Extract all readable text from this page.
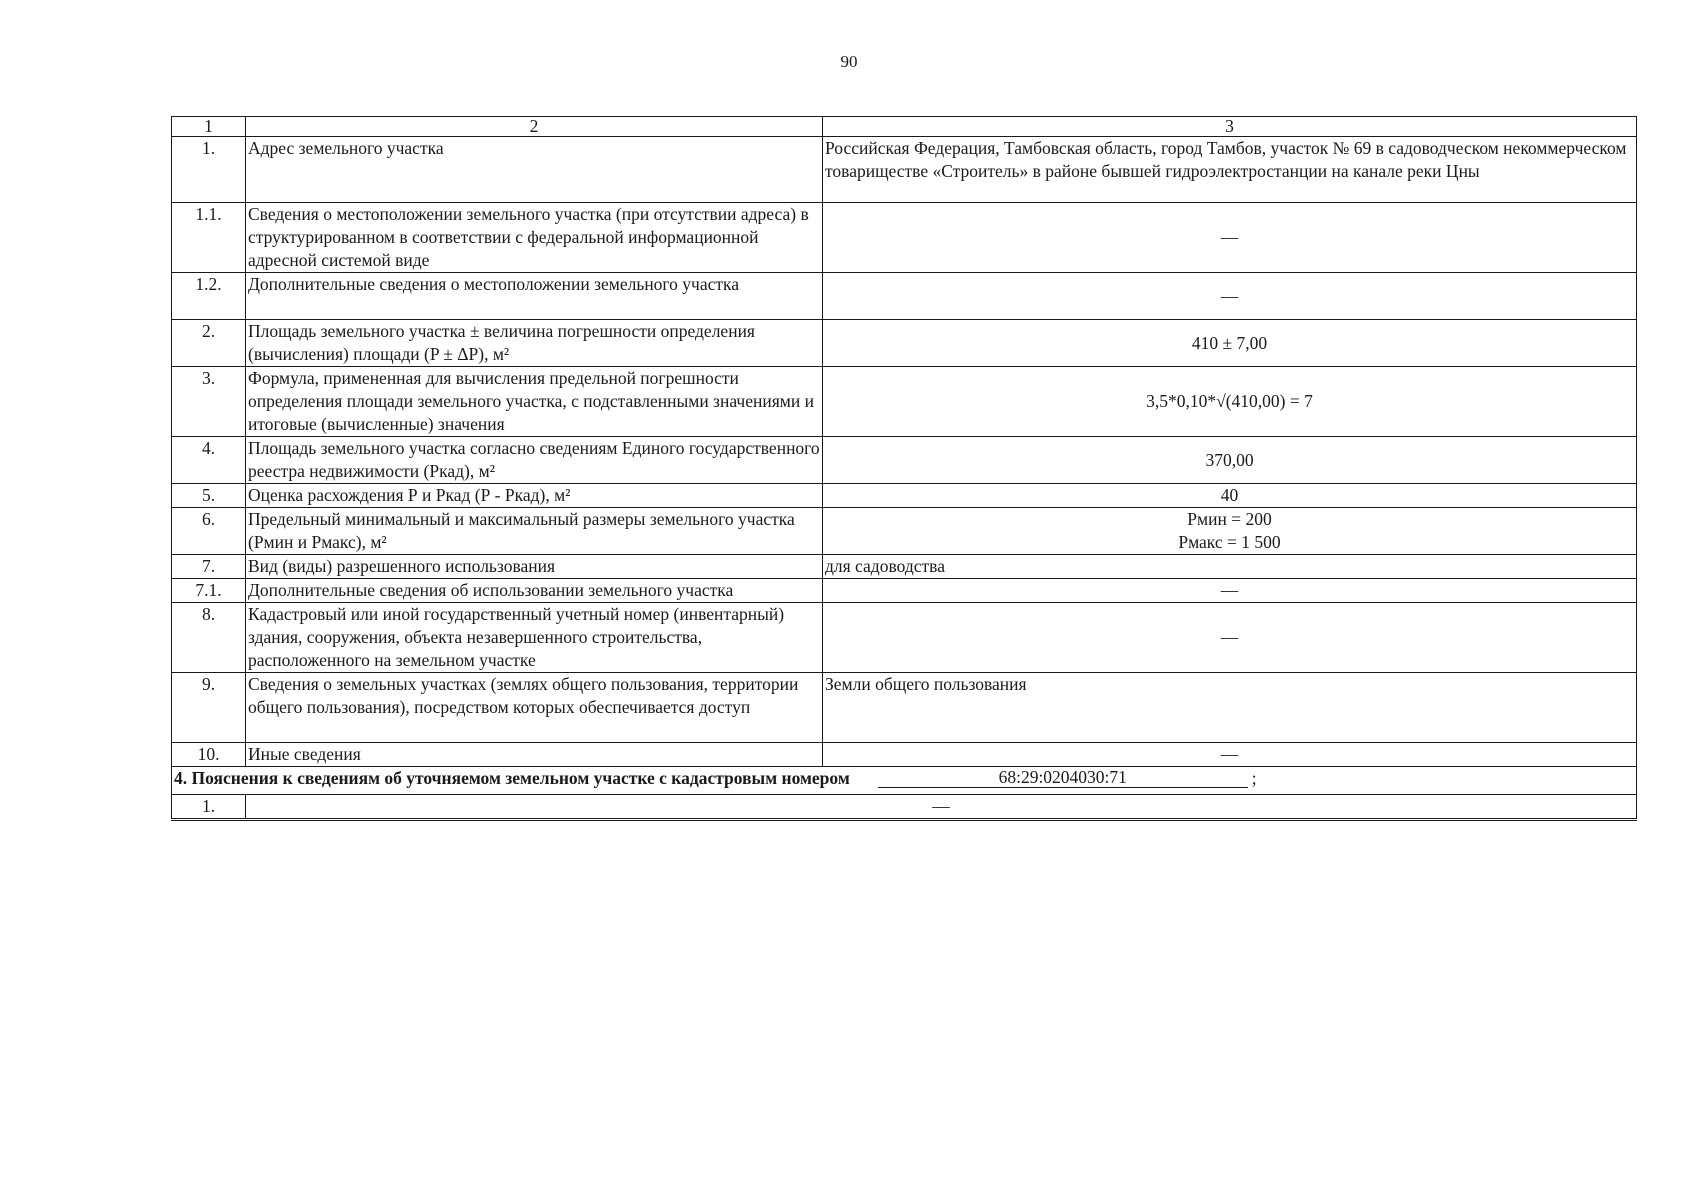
90
1	2	3
1.	Адрес земельного участка	Российская Федерация, Тамбовская область, город Тамбов, участок № 69 в садоводческом некоммерческом товариществе «Строитель» в районе бывшей гидроэлектростанции на канале реки Цны
1.1.	Сведения о местоположении земельного участка (при отсутствии адреса) в структурированном в соответствии с федеральной информационной адресной системой виде	—
1.2.	Дополнительные сведения о местоположении земельного участка	—
2.	Площадь земельного участка ± величина погрешности определения (вычисления) площади (P ± ΔP), м²	410 ± 7,00
3.	Формула, примененная для вычисления предельной погрешности определения площади земельного участка, с подставленными значениями и итоговые (вычисленные) значения	3,5*0,10*√(410,00) = 7
4.	Площадь земельного участка согласно сведениям Единого государственного реестра недвижимости (Ркад), м²	370,00
5.	Оценка расхождения Р и Ркад (Р - Ркад), м²	40
6.	Предельный минимальный и максимальный размеры земельного участка (Рмин и Рмакс), м²	Рмин = 200
Рмакс = 1 500

7.	Вид (виды) разрешенного использования	для садоводства
7.1.	Дополнительные сведения об использовании земельного участка	—
8.	Кадастровый или иной государственный учетный номер (инвентарный) здания, сооружения, объекта незавершенного строительства, расположенного на земельном участке	—
9.	Сведения о земельных участках (землях общего пользования, территории общего пользования), посредством которых обеспечивается доступ	Земли общего пользования
10.	Иные сведения	—

4. Пояснения к сведениям об уточняемом земельном участке с кадастровым номером 68:29:0204030:71 ;		

1.	—	
